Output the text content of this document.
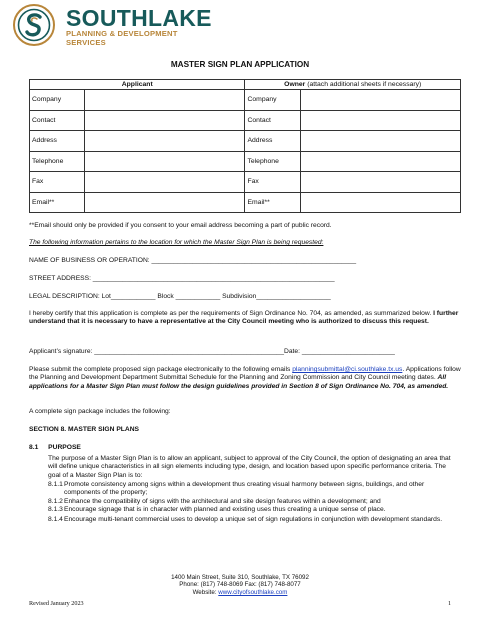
SOUTHLAKE
PLANNING & DEVELOPMENT
SERVICES
MASTER SIGN PLAN APPLICATION
Applicant		Owner (attach additional sheets if necessary)	
Company		Company	
Contact		Contact	
Address		Address	
Telephone		Telephone	
Fax		Fax	
Email**		Email**	
**Email should only be provided if you consent to your email address becoming a part of public record.
The following information pertains to the location for which the Master Sign Plan is being requested:
NAME OF BUSINESS OR OPERATION: _______________________________________________________
STREET ADDRESS: _________________________________________________________________
LEGAL DESCRIPTION: Lot____________ Block ____________ Subdivision____________________
I hereby certify that this application is complete as per the requirements of Sign Ordinance No. 704, as amended, as summarized below. I further understand that it is necessary to have a representative at the City Council meeting who is authorized to discuss this request.
Applicant’s signature: ___________________________________________________Date: _________________________
Please submit the complete proposed sign package electronically to the following emails planningsubmittal@ci.southlake.tx.us. Applications follow the Planning and Development Department Submittal Schedule for the Planning and Zoning Commission and City Council meeting dates. All applications for a Master Sign Plan must follow the design guidelines provided in Section 8 of Sign Ordinance No. 704, as amended.
A complete sign package includes the following:
SECTION 8. MASTER SIGN PLANS
8.1 PURPOSE
The purpose of a Master Sign Plan is to allow an applicant, subject to approval of the City Council, the option of designating an area that will define unique characteristics in all sign elements including type, design, and location based upon specific performance criteria. The goal of a Master Sign Plan is to:
8.1.1 Promote consistency among signs within a development thus creating visual harmony between signs, buildings, and other components of the property;
8.1.2 Enhance the compatibility of signs with the architectural and site design features within a development; and
8.1.3 Encourage signage that is in character with planned and existing uses thus creating a unique sense of place.
8.1.4 Encourage multi-tenant commercial uses to develop a unique set of sign regulations in conjunction with development standards.
1400 Main Street, Suite 310, Southlake, TX 76092
Phone: (817) 748-8069 Fax: (817) 748-8077
Website: www.cityofsouthlake.com
Revised January 2023	1
